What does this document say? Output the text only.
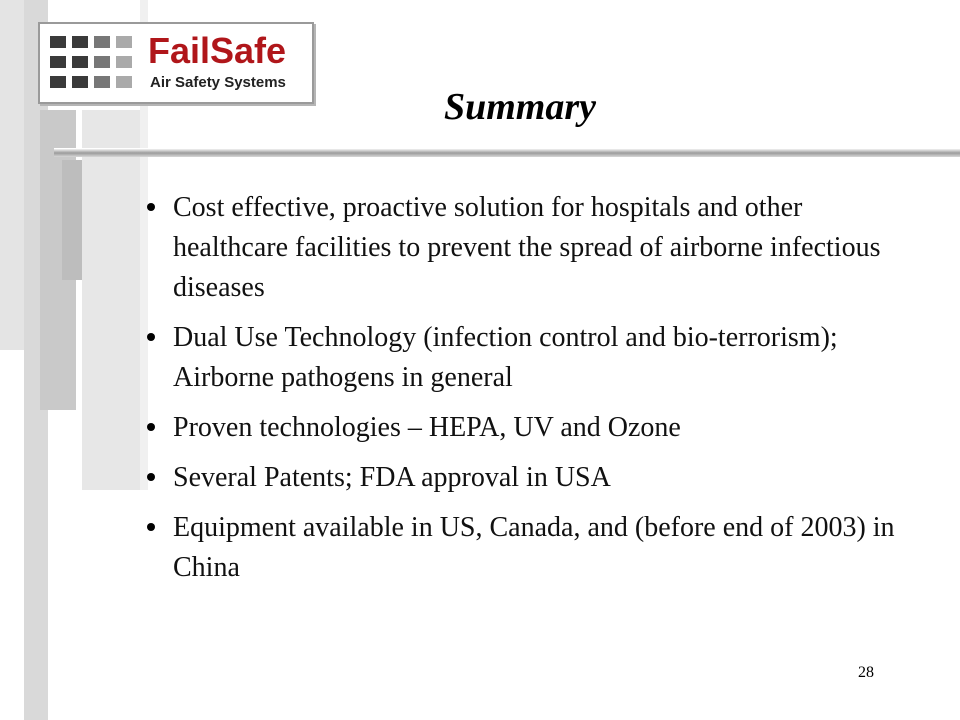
FailSafe
Air Safety Systems
Summary
Cost effective, proactive solution for hospitals and other healthcare facilities to prevent the spread of airborne infectious diseases
Dual Use Technology (infection control and bio-terrorism); Airborne pathogens in general
Proven technologies – HEPA, UV and Ozone
Several Patents; FDA approval in USA
Equipment available in US, Canada, and (before end of 2003) in China
28
